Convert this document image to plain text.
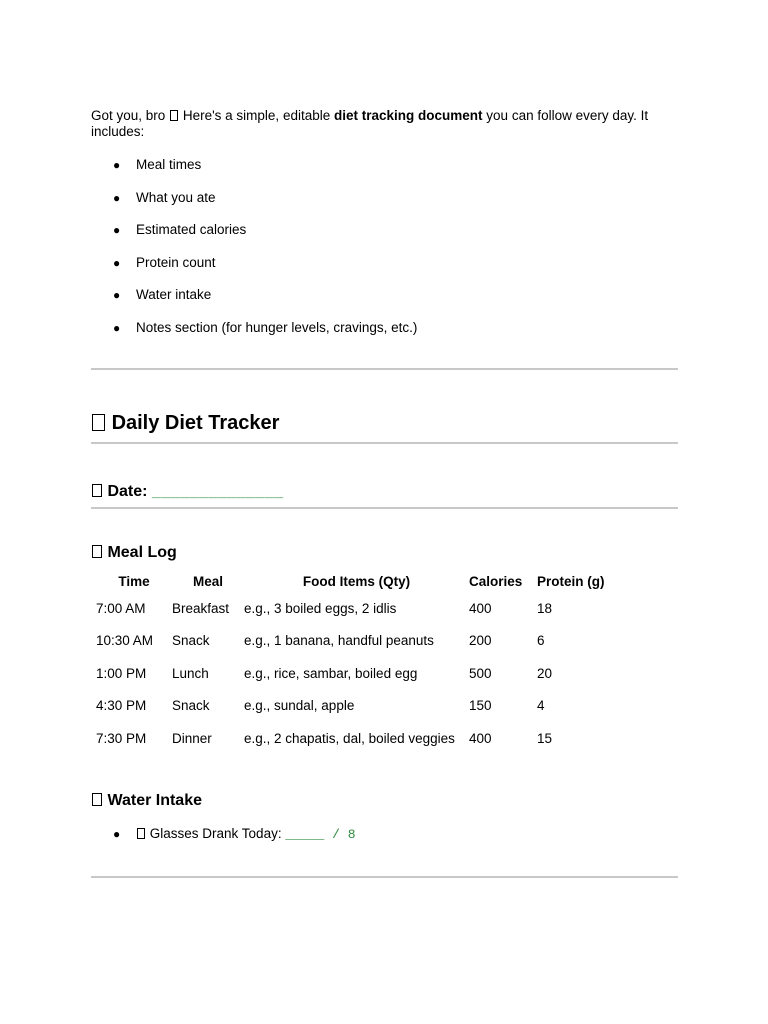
Got you, bro Here's a simple, editable diet tracking document you can follow every day. It includes:

● Meal times
● What you ate
● Estimated calories
● Protein count
● Water intake
● Notes section (for hunger levels, cravings, etc.)
Daily Diet Tracker
Date: ______________
Meal Log
Time	Meal	Food Items (Qty)	Calories	Protein (g)
7:00 AM	Breakfast	e.g., 3 boiled eggs, 2 idlis	400	18
10:30 AM	Snack	e.g., 1 banana, handful peanuts	200	6
1:00 PM	Lunch	e.g., rice, sambar, boiled egg	500	20
4:30 PM	Snack	e.g., sundal, apple	150	4
7:30 PM	Dinner	e.g., 2 chapatis, dal, boiled veggies	400	15
Water Intake
● Glasses Drank Today: _____ / 8
